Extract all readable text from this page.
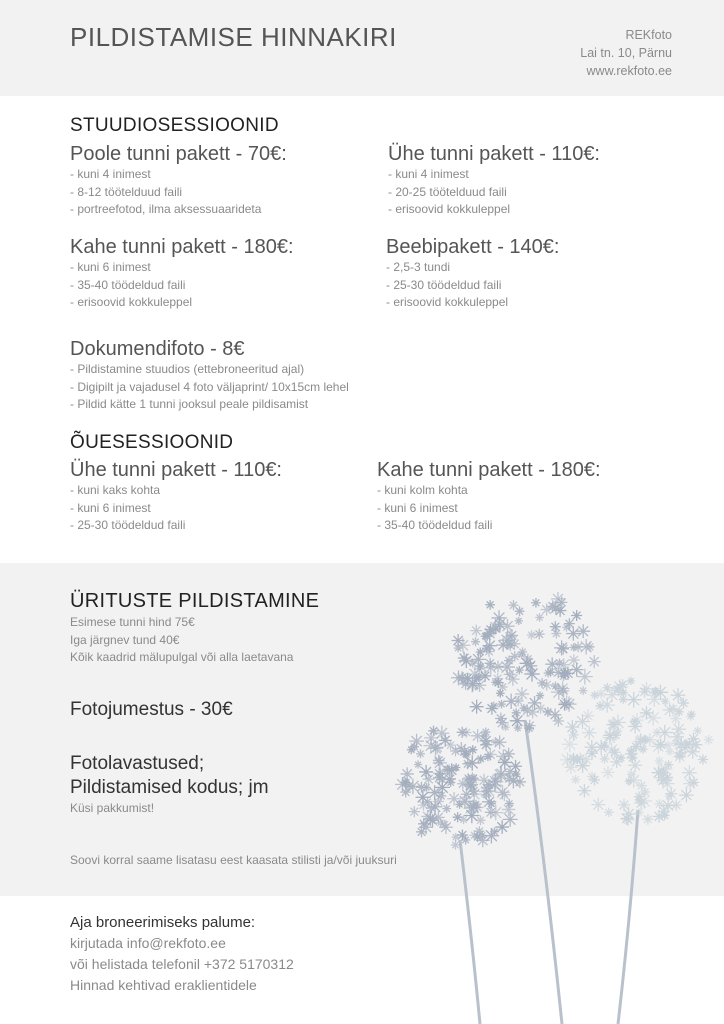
PILDISTAMISE HINNAKIRI	REKfoto
Lai tn. 10, Pärnu
www.rekfoto.ee
STUUDIOSESSIOONID
Poole tunni pakett - 70€:
- kuni 4 inimest
- 8-12 töötelduud faili
- portreefotod, ilma aksessuaarideta
Ühe tunni pakett - 110€:
- kuni 4 inimest
- 20-25 töötelduud faili
- erisoovid kokkuleppel
Kahe tunni pakett - 180€:
- kuni 6 inimest
- 35-40 töödeldud faili
- erisoovid kokkuleppel
Beebipakett - 140€:
- 2,5-3 tundi
- 25-30 töödeldud faili
- erisoovid kokkuleppel
Dokumendifoto - 8€
- Pildistamine stuudios (ettebroneeritud ajal)
- Digipilt ja vajadusel 4 foto väljaprint/ 10x15cm lehel
- Pildid kätte 1 tunni jooksul peale pildisamist
ÕUESESSIOONID
Ühe tunni pakett - 110€:
- kuni kaks kohta
- kuni 6 inimest
- 25-30 töödeldud faili
Kahe tunni pakett - 180€:
- kuni kolm kohta
- kuni 6 inimest
- 35-40 töödeldud faili
ÜRITUSTE PILDISTAMINE
Esimese tunni hind 75€
Iga järgnev tund 40€
Kõik kaadrid mälupulgal või alla laetavana
Fotojumestus - 30€
Fotolavastused;
Pildistamised kodus; jm
Küsi pakkumist!
Soovi korral saame lisatasu eest kaasata stilisti ja/või juuksuri
Aja broneerimiseks palume:
kirjutada info@rekfoto.ee
või helistada telefonil +372 5170312
Hinnad kehtivad eraklientidele
